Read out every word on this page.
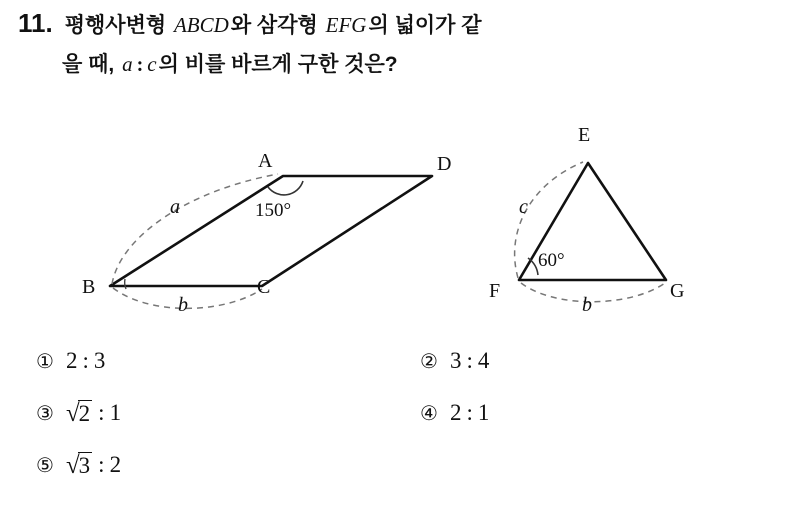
11. 평행사변형 ABCD와 삼각형 EFG의 넓이가 같
을 때, a : c의 비를 바르게 구한 것은?
A
B	C
D
a
b
150°
E
F	G
c
b
60°
① 2 : 3	② 3 : 4
③ √ 2 : 1	④ 2 : 1
⑤ √ 3 : 2
